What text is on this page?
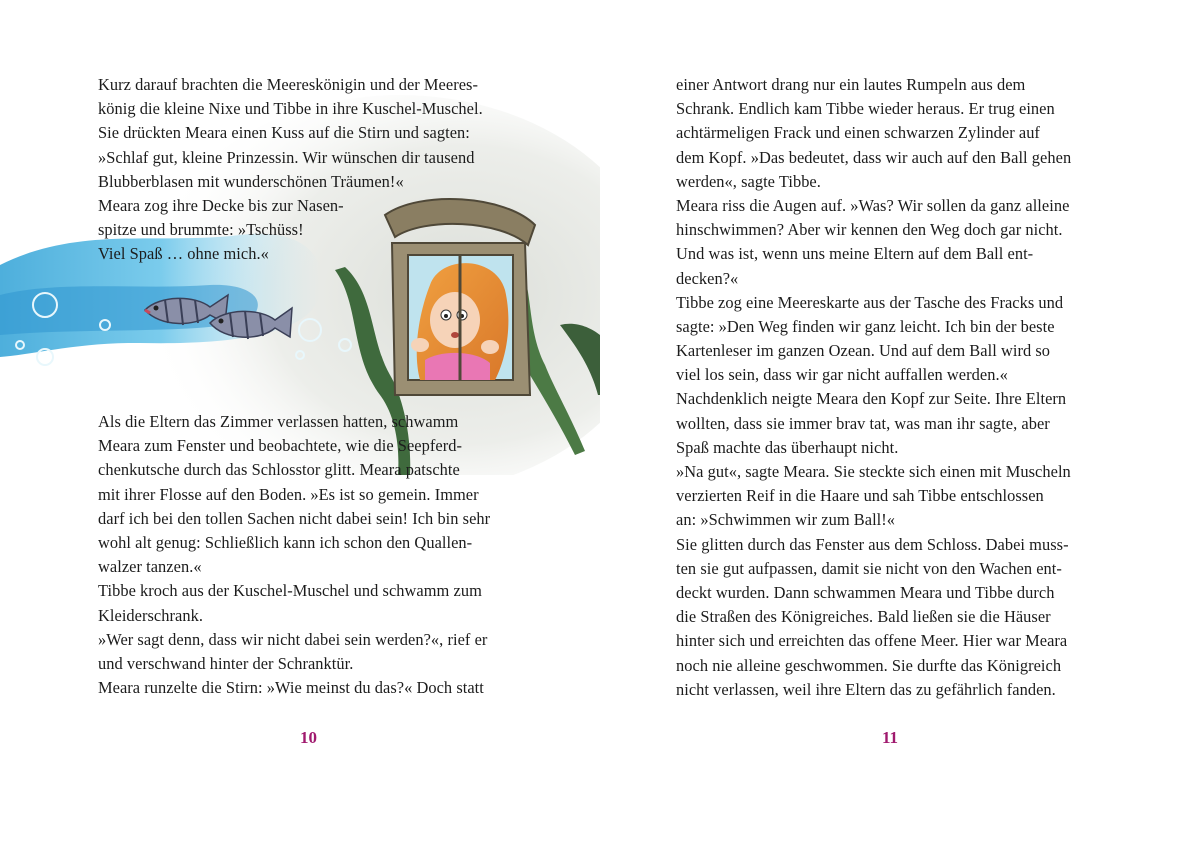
Kurz darauf brachten die Meereskönigin und der Meeres-
könig die kleine Nixe und Tibbe in ihre Kuschel-Muschel.
Sie drückten Meara einen Kuss auf die Stirn und sagten:
»Schlaf gut, kleine Prinzessin. Wir wünschen dir tausend
Blubberblasen mit wunderschönen Träumen!«
Meara zog ihre Decke bis zur Nasen-
spitze und brummte: »Tschüss!
Viel Spaß … ohne mich.«
Als die Eltern das Zimmer verlassen hatten, schwamm
Meara zum Fenster und beobachtete, wie die Seepferd-
chenkutsche durch das Schlosstor glitt. Meara patschte
mit ihrer Flosse auf den Boden. »Es ist so gemein. Immer
darf ich bei den tollen Sachen nicht dabei sein! Ich bin sehr
wohl alt genug: Schließlich kann ich schon den Quallen-
walzer tanzen.«
Tibbe kroch aus der Kuschel-Muschel und schwamm zum
Kleiderschrank.
»Wer sagt denn, dass wir nicht dabei sein werden?«, rief er
und verschwand hinter der Schranktür.
Meara runzelte die Stirn: »Wie meinst du das?« Doch statt
10
einer Antwort drang nur ein lautes Rumpeln aus dem
Schrank. Endlich kam Tibbe wieder heraus. Er trug einen
achtärmeligen Frack und einen schwarzen Zylinder auf
dem Kopf. »Das bedeutet, dass wir auch auf den Ball gehen
werden«, sagte Tibbe.
Meara riss die Augen auf. »Was? Wir sollen da ganz alleine
hinschwimmen? Aber wir kennen den Weg doch gar nicht.
Und was ist, wenn uns meine Eltern auf dem Ball ent-
decken?«
Tibbe zog eine Meereskarte aus der Tasche des Fracks und
sagte: »Den Weg finden wir ganz leicht. Ich bin der beste
Kartenleser im ganzen Ozean. Und auf dem Ball wird so
viel los sein, dass wir gar nicht auffallen werden.«
Nachdenklich neigte Meara den Kopf zur Seite. Ihre Eltern
wollten, dass sie immer brav tat, was man ihr sagte, aber
Spaß machte das überhaupt nicht.
»Na gut«, sagte Meara. Sie steckte sich einen mit Muscheln
verzierten Reif in die Haare und sah Tibbe entschlossen
an: »Schwimmen wir zum Ball!«
Sie glitten durch das Fenster aus dem Schloss. Dabei muss-
ten sie gut aufpassen, damit sie nicht von den Wachen ent-
deckt wurden. Dann schwammen Meara und Tibbe durch
die Straßen des Königreiches. Bald ließen sie die Häuser
hinter sich und erreichten das offene Meer. Hier war Meara
noch nie alleine geschwommen. Sie durfte das Königreich
nicht verlassen, weil ihre Eltern das zu gefährlich fanden.
11
